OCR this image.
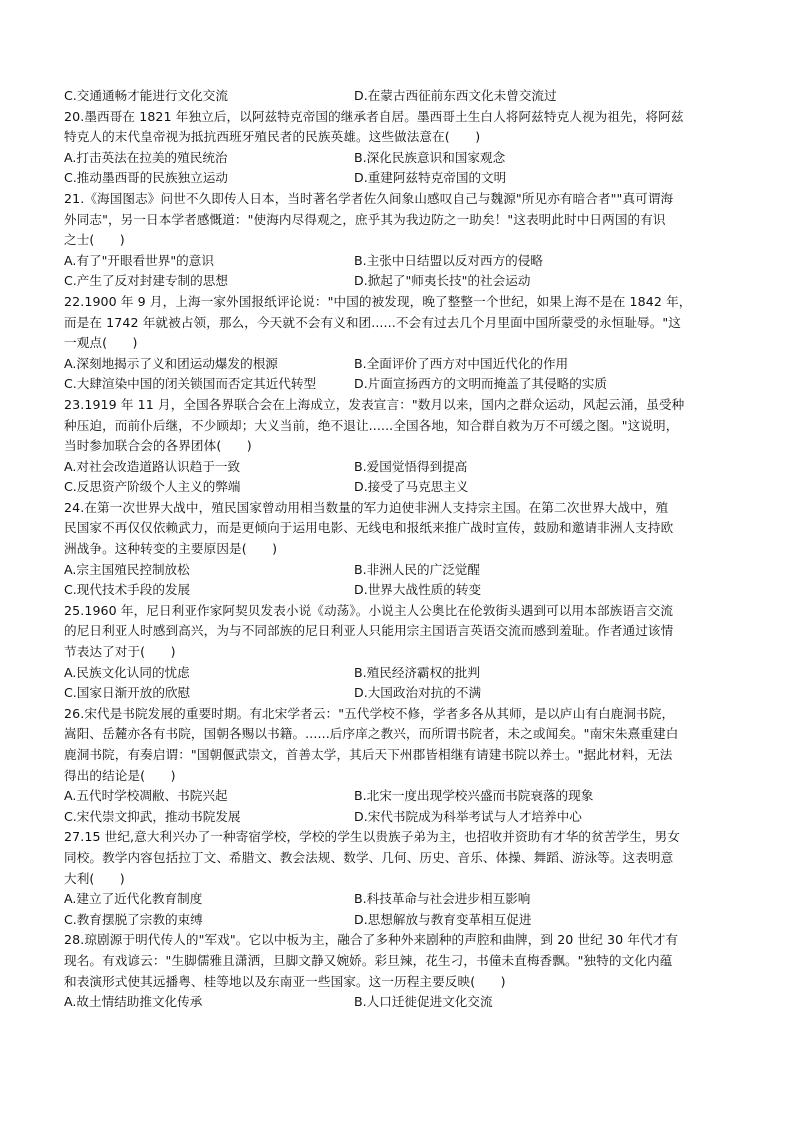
C.交通通畅才能进行文化交流	D.在蒙古西征前东西文化未曾交流过
20.墨西哥在 1821 年独立后，以阿兹特克帝国的继承者自居。墨西哥土生白人将阿兹特克人视为祖先，将阿兹
特克人的末代皇帝视为抵抗西班牙殖民者的民族英雄。这些做法意在(　　)
A.打击英法在拉美的殖民统治	B.深化民族意识和国家观念
C.推动墨西哥的民族独立运动	D.重建阿兹特克帝国的文明
21.《海国图志》问世不久即传人日本，当时著名学者佐久间象山感叹自己与魏源"所见亦有暗合者""真可谓海
外同志"，另一日本学者感慨道："使海内尽得观之，庶乎其为我边防之一助矣！"这表明此时中日两国的有识
之士(　　)
A.有了"开眼看世界"的意识	B.主张中日结盟以反对西方的侵略
C.产生了反对封建专制的思想	D.掀起了"师夷长技"的社会运动
22.1900 年 9 月，上海一家外国报纸评论说："中国的被发现，晚了整整一个世纪，如果上海不是在 1842 年，
而是在 1742 年就被占领，那么，今天就不会有义和团......不会有过去几个月里面中国所蒙受的永恒耻辱。"这
一观点(　　)
A.深刻地揭示了义和团运动爆发的根源	B.全面评价了西方对中国近代化的作用
C.大肆渲染中国的闭关锁国而否定其近代转型	D.片面宣扬西方的文明而掩盖了其侵略的实质
23.1919 年 11 月，全国各界联合会在上海成立，发表宣言："数月以来，国内之群众运动，风起云涌，虽受种
种压迫，而前仆后继，不少顾却；大义当前，绝不退让......全国各地，知合群自救为万不可缓之图。"这说明，
当时参加联合会的各界团体(　　)
A.对社会改造道路认识趋于一致	B.爱国觉悟得到提高
C.反思资产阶级个人主义的弊端	D.接受了马克思主义
24.在第一次世界大战中，殖民国家曾动用相当数量的军力迫使非洲人支持宗主国。在第二次世界大战中，殖
民国家不再仅仅依赖武力，而是更倾向于运用电影、无线电和报纸来推广战时宣传，鼓励和邀请非洲人支持欧
洲战争。这种转变的主要原因是(　　)
A.宗主国殖民控制放松	B.非洲人民的广泛觉醒
C.现代技术手段的发展	D.世界大战性质的转变
25.1960 年，尼日利亚作家阿契贝发表小说《动荡》。小说主人公奥比在伦敦街头遇到可以用本部族语言交流
的尼日利亚人时感到高兴，为与不同部族的尼日利亚人只能用宗主国语言英语交流而感到羞耻。作者通过该情
节表达了对于(　　)
A.民族文化认同的忧虑	B.殖民经济霸权的批判
C.国家日渐开放的欣慰	D.大国政治对抗的不满
26.宋代是书院发展的重要时期。有北宋学者云："五代学校不修，学者多各从其师，是以庐山有白鹿洞书院，
嵩阳、岳麓亦各有书院，国朝各赐以书籍。......后序庠之教兴，而所谓书院者，未之或闻矣。"南宋朱熹重建白
鹿洞书院，有奏启谓："国朝偃武崇文，首善太学，其后天下州郡皆相继有请建书院以养士。"据此材料，无法
得出的结论是(　　)
A.五代时学校凋敝、书院兴起	B.北宋一度出现学校兴盛而书院衰落的现象
C.宋代崇文抑武，推动书院发展	D.宋代书院成为科举考试与人才培养中心
27.15 世纪,意大利兴办了一种寄宿学校，学校的学生以贵族子弟为主，也招收并资助有才华的贫苦学生，男女
同校。教学内容包括拉丁文、希腊文、教会法规、数学、几何、历史、音乐、体操、舞蹈、游泳等。这表明意
大利(　　)
A.建立了近代化教育制度	B.科技革命与社会进步相互影响
C.教育摆脱了宗教的束缚	D.思想解放与教育变革相互促进
28.琼剧源于明代传人的"军戏"。它以中板为主，融合了多种外来剧种的声腔和曲牌，到 20 世纪 30 年代才有
现名。有戏谚云："生脚儒雅且潇洒，旦脚文静又婉娇。彩旦辣，花生刁，书僮未直梅香飘。"独特的文化内蕴
和表演形式使其远播粤、桂等地以及东南亚一些国家。这一历程主要反映(　　)
A.故土情结助推文化传承	B.人口迁徙促进文化交流
